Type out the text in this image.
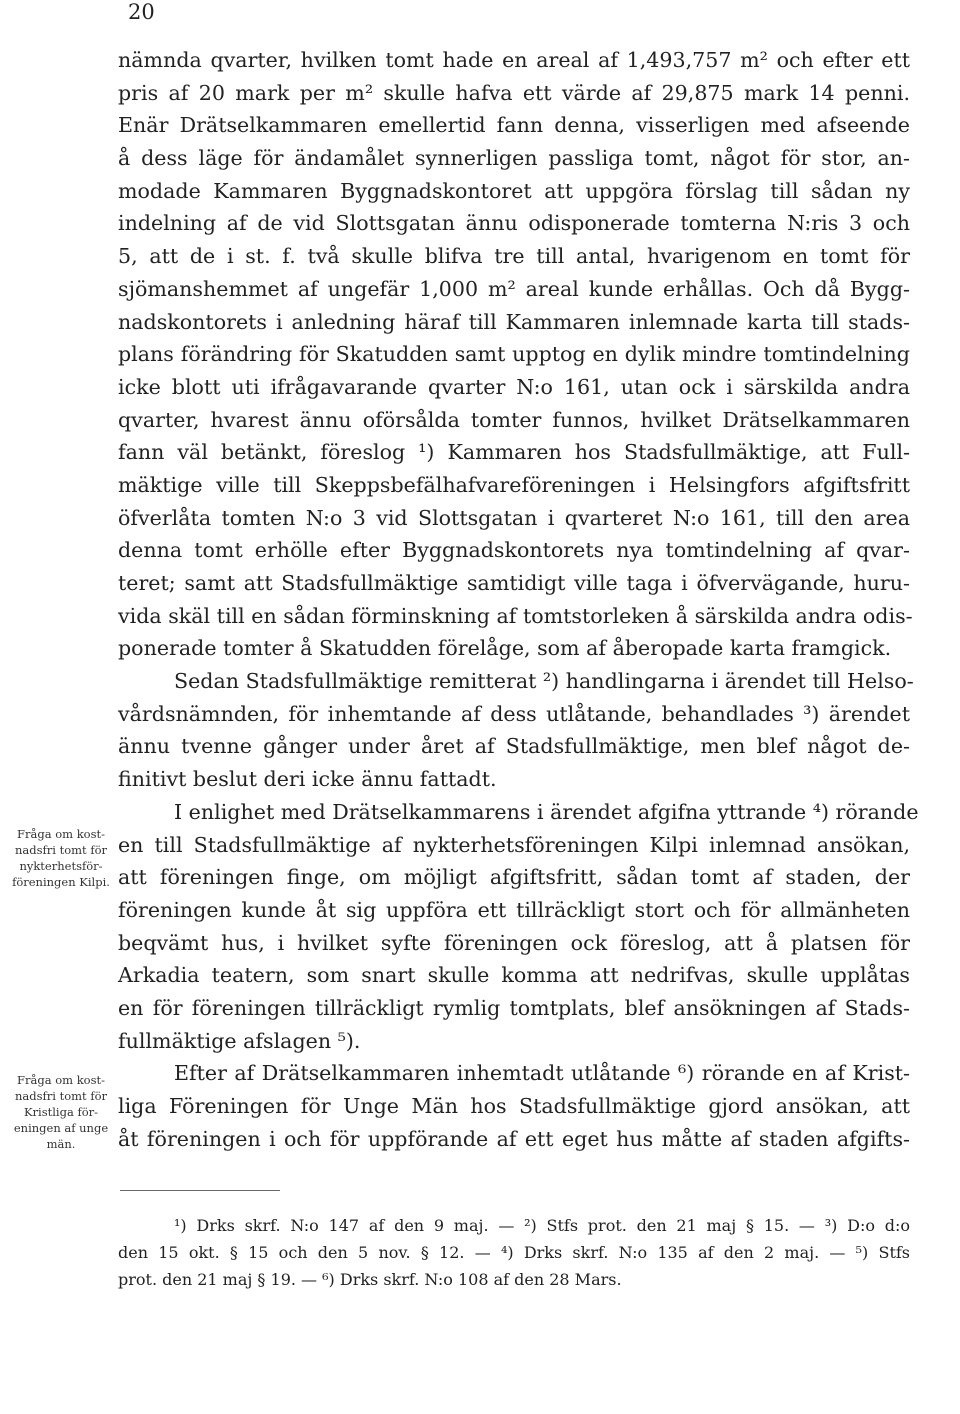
20
nämnda qvarter, hvilken tomt hade en areal af 1,493,757 m² och efter ett
pris af 20 mark per m² skulle hafva ett värde af 29,875 mark 14 penni.
Enär Drätselkammaren emellertid fann denna, visserligen med afseende
å dess läge för ändamålet synnerligen passliga tomt, något för stor, an-
modade Kammaren Byggnadskontoret att uppgöra förslag till sådan ny
indelning af de vid Slottsgatan ännu odisponerade tomterna N:ris 3 och
5, att de i st. f. två skulle blifva tre till antal, hvarigenom en tomt för
sjömanshemmet af ungefär 1,000 m² areal kunde erhållas. Och då Bygg-
nadskontorets i anledning häraf till Kammaren inlemnade karta till stads-
plans förändring för Skatudden samt upptog en dylik mindre tomtindelning
icke blott uti ifrågavarande qvarter N:o 161, utan ock i särskilda andra
qvarter, hvarest ännu oförsålda tomter funnos, hvilket Drätselkammaren
fann väl betänkt, föreslog ¹) Kammaren hos Stadsfullmäktige, att Full-
mäktige ville till Skeppsbefälhafvareföreningen i Helsingfors afgiftsfritt
öfverlåta tomten N:o 3 vid Slottsgatan i qvarteret N:o 161, till den area
denna tomt erhölle efter Byggnadskontorets nya tomtindelning af qvar-
teret; samt att Stadsfullmäktige samtidigt ville taga i öfvervägande, huru-
vida skäl till en sådan förminskning af tomtstorleken å särskilda andra odis-
ponerade tomter å Skatudden förelåge, som af åberopade karta framgick.
Sedan Stadsfullmäktige remitterat ²) handlingarna i ärendet till Helso-
vårdsnämnden, för inhemtande af dess utlåtande, behandlades ³) ärendet
ännu tvenne gånger under året af Stadsfullmäktige, men blef något de-
finitivt beslut deri icke ännu fattadt.
I enlighet med Drätselkammarens i ärendet afgifna yttrande ⁴) rörande
en till Stadsfullmäktige af nykterhetsföreningen Kilpi inlemnad ansökan,
att föreningen finge, om möjligt afgiftsfritt, sådan tomt af staden, der
föreningen kunde åt sig uppföra ett tillräckligt stort och för allmänheten
beqvämt hus, i hvilket syfte föreningen ock föreslog, att å platsen för
Arkadia teatern, som snart skulle komma att nedrifvas, skulle upplåtas
en för föreningen tillräckligt rymlig tomtplats, blef ansökningen af Stads-
fullmäktige afslagen ⁵).
Efter af Drätselkammaren inhemtadt utlåtande ⁶) rörande en af Krist-
liga Föreningen för Unge Män hos Stadsfullmäktige gjord ansökan, att
åt föreningen i och för uppförande af ett eget hus måtte af staden afgifts-
Fråga om kost-nadsfri tomt för nykterhetsför-föreningen Kilpi.
Fråga om kost-nadsfri tomt för Kristliga för-eningen af unge män.
¹) Drks skrf. N:o 147 af den 9 maj. — ²) Stfs prot. den 21 maj § 15. — ³) D:o d:o
den 15 okt. § 15 och den 5 nov. § 12. — ⁴) Drks skrf. N:o 135 af den 2 maj. — ⁵) Stfs
prot. den 21 maj § 19. — ⁶) Drks skrf. N:o 108 af den 28 Mars.
